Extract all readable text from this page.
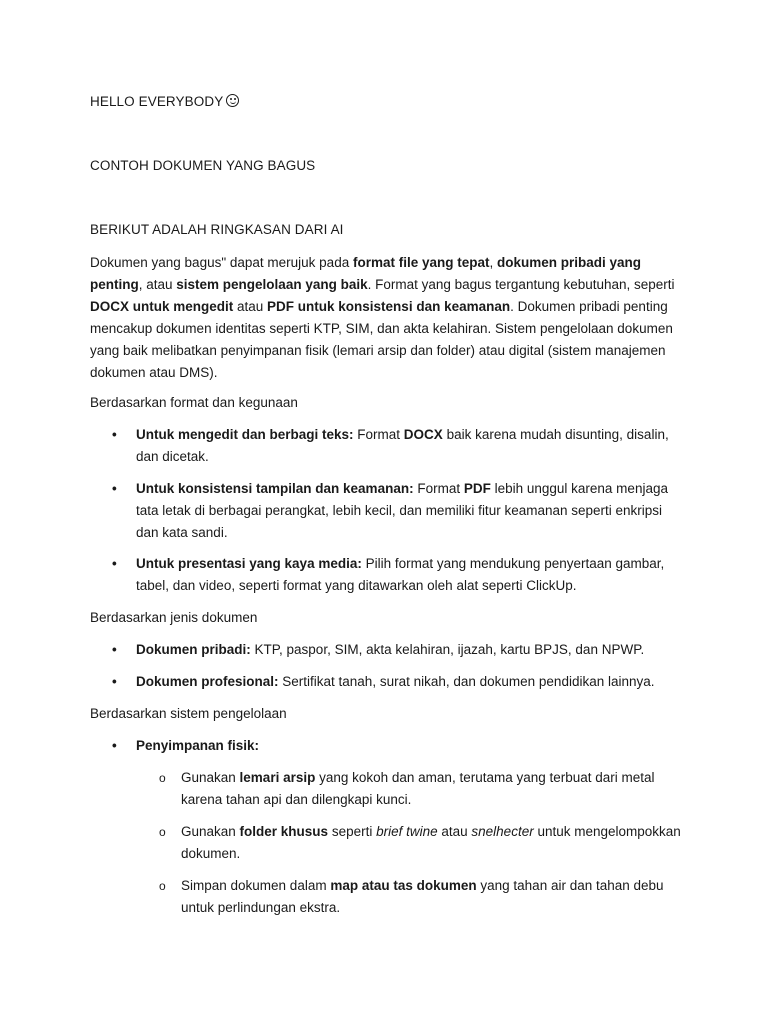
HELLO EVERYBODY

CONTOH DOKUMEN YANG BAGUS

BERIKUT ADALAH RINGKASAN DARI AI

Dokumen yang bagus" dapat merujuk pada format file yang tepat, dokumen pribadi yang penting, atau sistem pengelolaan yang baik. Format yang bagus tergantung kebutuhan, seperti DOCX untuk mengedit atau PDF untuk konsistensi dan keamanan. Dokumen pribadi penting mencakup dokumen identitas seperti KTP, SIM, dan akta kelahiran. Sistem pengelolaan dokumen yang baik melibatkan penyimpanan fisik (lemari arsip dan folder) atau digital (sistem manajemen dokumen atau DMS).

Berdasarkan format dan kegunaan

• Untuk mengedit dan berbagi teks: Format DOCX baik karena mudah disunting, disalin, dan dicetak.
• Untuk konsistensi tampilan dan keamanan: Format PDF lebih unggul karena menjaga tata letak di berbagai perangkat, lebih kecil, dan memiliki fitur keamanan seperti enkripsi dan kata sandi.
• Untuk presentasi yang kaya media: Pilih format yang mendukung penyertaan gambar, tabel, dan video, seperti format yang ditawarkan oleh alat seperti ClickUp.

Berdasarkan jenis dokumen

• Dokumen pribadi: KTP, paspor, SIM, akta kelahiran, ijazah, kartu BPJS, dan NPWP.
• Dokumen profesional: Sertifikat tanah, surat nikah, dan dokumen pendidikan lainnya.

Berdasarkan sistem pengelolaan

• Penyimpanan fisik:
o Gunakan lemari arsip yang kokoh dan aman, terutama yang terbuat dari metal karena tahan api dan dilengkapi kunci.
o Gunakan folder khusus seperti brief twine atau snelhecter untuk mengelompokkan dokumen.
o Simpan dokumen dalam map atau tas dokumen yang tahan air dan tahan debu untuk perlindungan ekstra.
